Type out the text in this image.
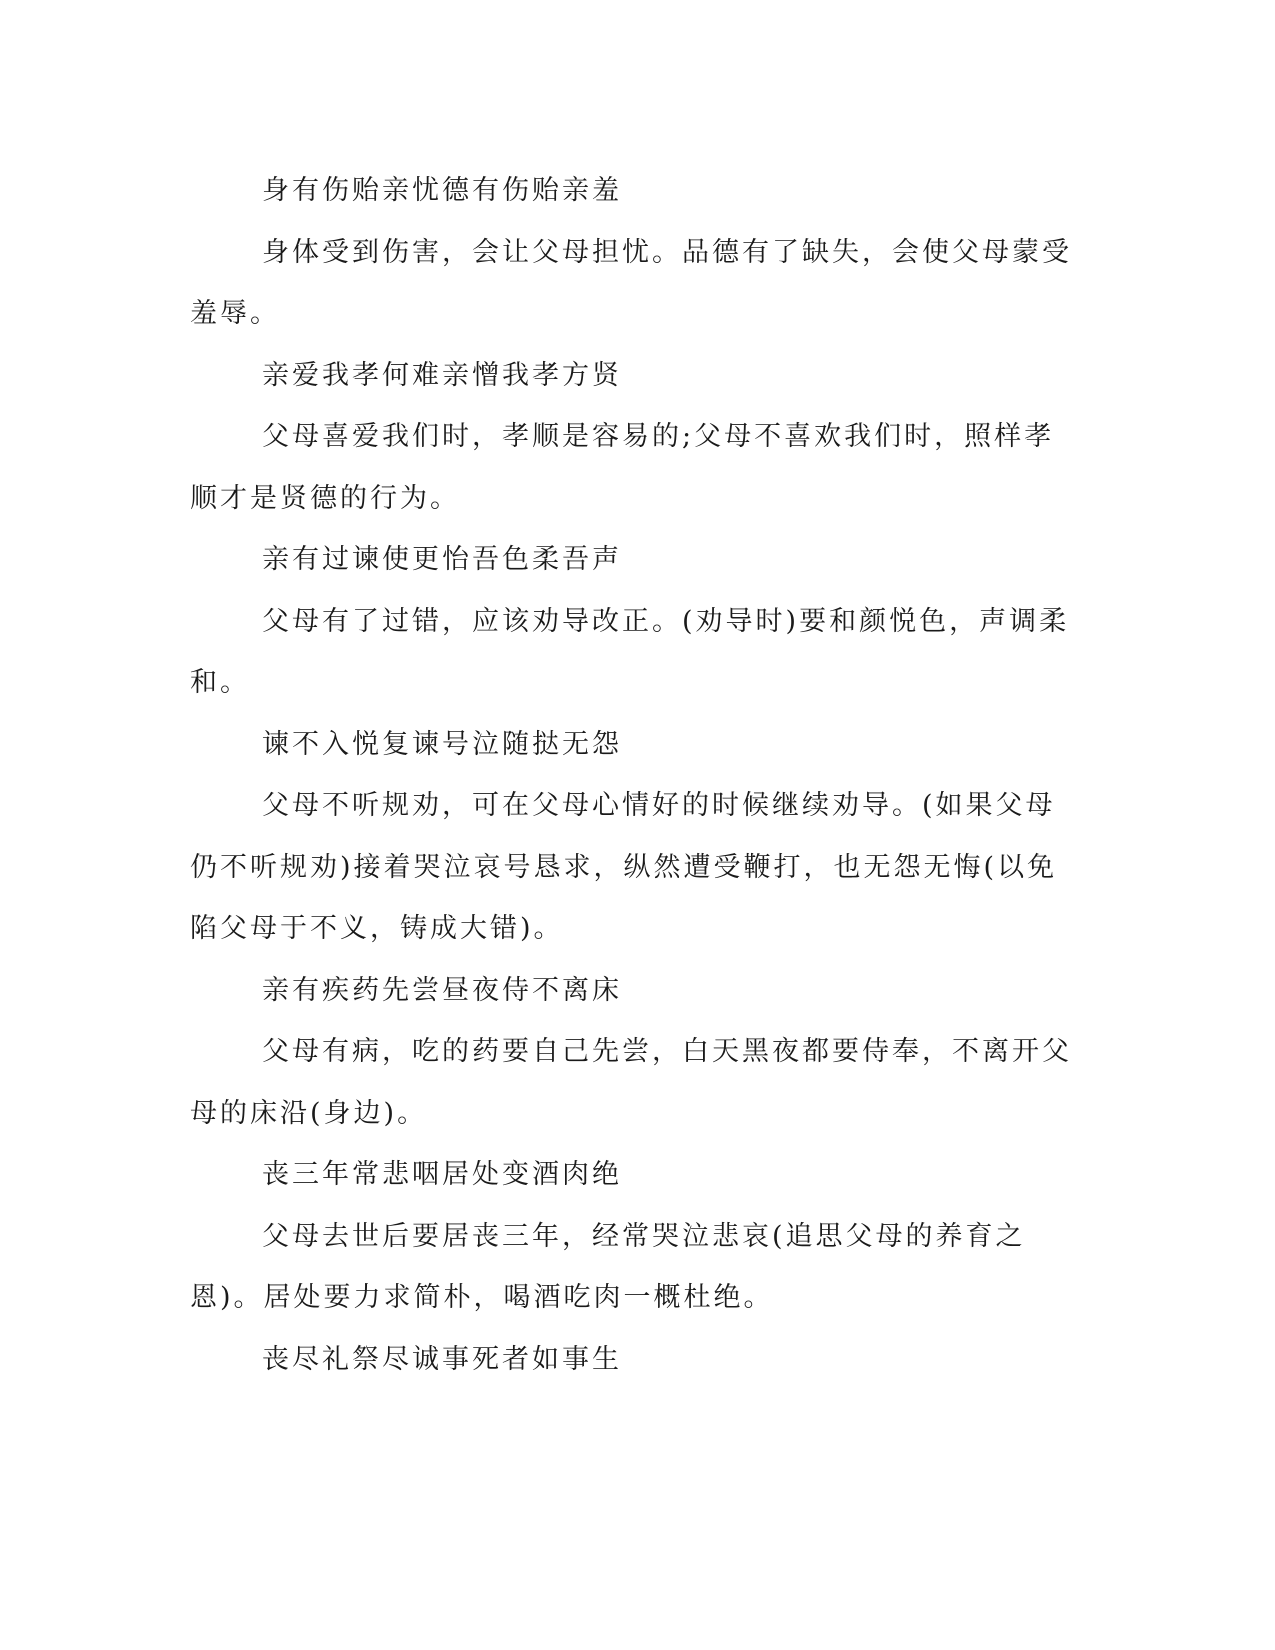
身有伤贻亲忧德有伤贻亲羞

身体受到伤害，会让父母担忧。品德有了缺失，会使父母蒙受羞辱。

亲爱我孝何难亲憎我孝方贤

父母喜爱我们时，孝顺是容易的;父母不喜欢我们时，照样孝顺才是贤德的行为。

亲有过谏使更怡吾色柔吾声

父母有了过错，应该劝导改正。(劝导时)要和颜悦色，声调柔和。

谏不入悦复谏号泣随挞无怨

父母不听规劝，可在父母心情好的时候继续劝导。(如果父母仍不听规劝)接着哭泣哀号恳求，纵然遭受鞭打，也无怨无悔(以免陷父母于不义，铸成大错)。

亲有疾药先尝昼夜侍不离床

父母有病，吃的药要自己先尝，白天黑夜都要侍奉，不离开父母的床沿(身边)。

丧三年常悲咽居处变酒肉绝

父母去世后要居丧三年，经常哭泣悲哀(追思父母的养育之恩)。居处要力求简朴，喝酒吃肉一概杜绝。

丧尽礼祭尽诚事死者如事生
